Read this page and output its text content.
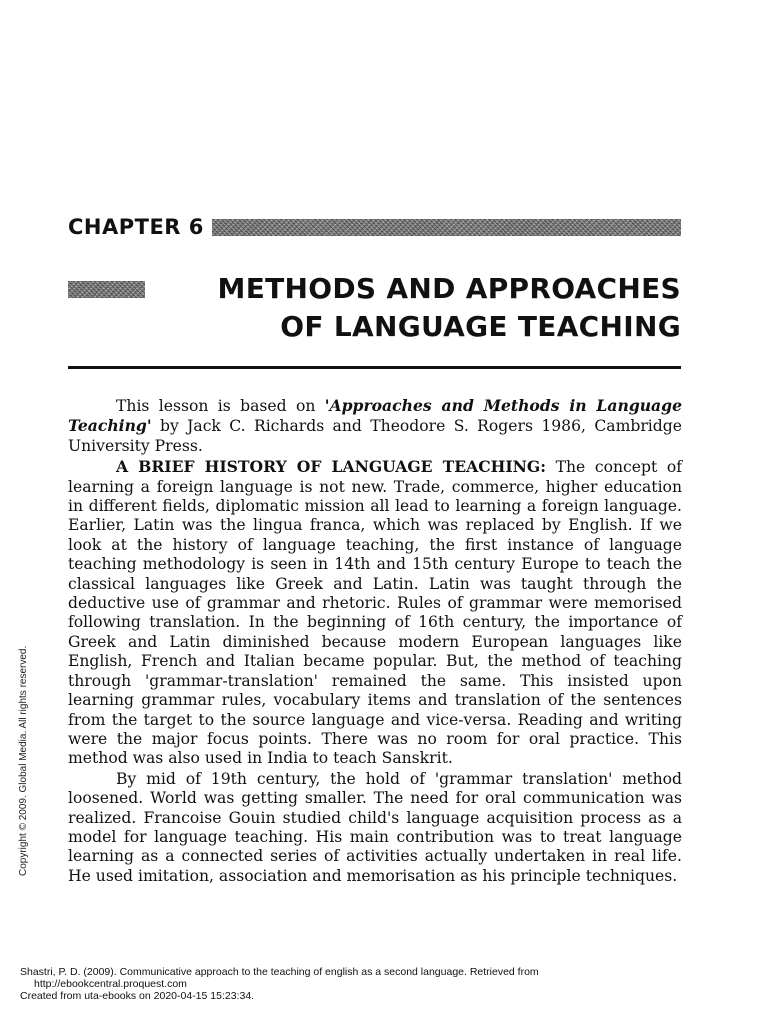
CHAPTER 6
METHODS AND APPROACHES
OF LANGUAGE TEACHING

This lesson is based on 'Approaches and Methods in Language Teaching' by Jack C. Richards and Theodore S. Rogers 1986, Cambridge University Press.

A BRIEF HISTORY OF LANGUAGE TEACHING: The concept of learning a foreign language is not new. Trade, commerce, higher education in different fields, diplomatic mission all lead to learning a foreign language. Earlier, Latin was the lingua franca, which was replaced by English. If we look at the history of language teaching, the first instance of language teaching methodology is seen in 14th and 15th century Europe to teach the classical languages like Greek and Latin. Latin was taught through the deductive use of grammar and rhetoric. Rules of grammar were memorised following translation. In the beginning of 16th century, the importance of Greek and Latin diminished because modern European languages like English, French and Italian became popular. But, the method of teaching through 'grammar-translation' remained the same. This insisted upon learning grammar rules, vocabulary items and translation of the sentences from the target to the source language and vice-versa. Reading and writing were the major focus points. There was no room for oral practice. This method was also used in India to teach Sanskrit.

By mid of 19th century, the hold of 'grammar translation' method loosened. World was getting smaller. The need for oral communication was realized. Francoise Gouin studied child's language acquisition process as a model for language teaching. His main contribution was to treat language learning as a connected series of activities actually undertaken in real life. He used imitation, association and memorisation as his principle techniques.

Copyright © 2009. Global Media. All rights reserved.
Shastri, P. D. (2009). Communicative approach to the teaching of english as a second language. Retrieved from
http://ebookcentral.proquest.com
Created from uta-ebooks on 2020-04-15 15:23:34.
